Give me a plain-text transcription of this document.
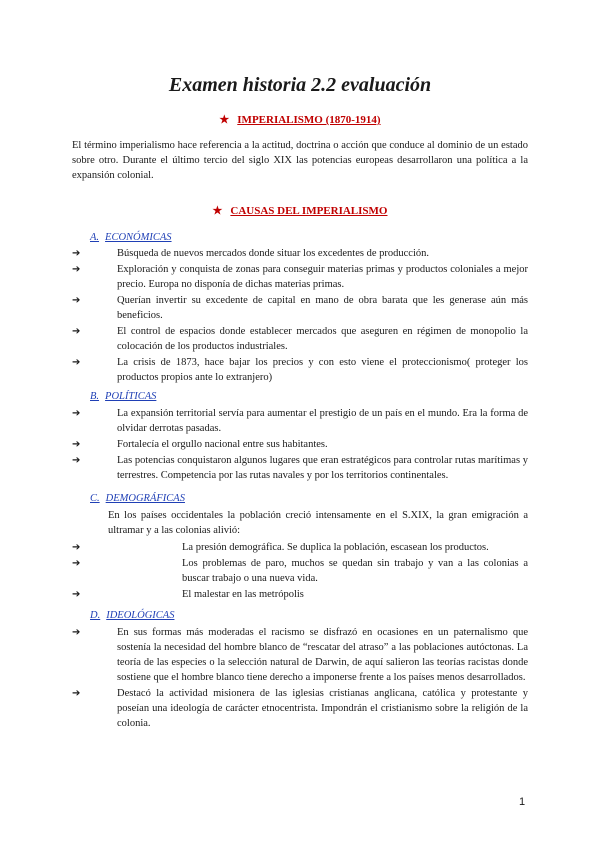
Examen historia 2.2 evaluación
★ IMPERIALISMO (1870-1914)

El término imperialismo hace referencia a la actitud, doctrina o acción que conduce al dominio de un estado sobre otro. Durante el último tercio del siglo XIX las potencias europeas desarrollaron una política a la expansión colonial.

★ CAUSAS DEL IMPERIALISMO
A. ECONÓMICAS
➔	Búsqueda de nuevos mercados donde situar los excedentes de producción.
➔	Exploración y conquista de zonas para conseguir materias primas y productos coloniales a mejor precio. Europa no disponía de dichas materias primas.
➔	Querían invertir su excedente de capital en mano de obra barata que les generase aún más beneficios.
➔	El control de espacios donde establecer mercados que aseguren en régimen de monopolio la colocación de los productos industriales.
➔	La crisis de 1873, hace bajar los precios y con esto viene el proteccionismo( proteger los productos propios ante lo extranjero)
B. POLÍTICAS
➔	La expansión territorial servía para aumentar el prestigio de un país en el mundo. Era la forma de olvidar derrotas pasadas.
➔	Fortalecía el orgullo nacional entre sus habitantes.
➔	Las potencias conquistaron algunos lugares que eran estratégicos para controlar rutas marítimas y terrestres. Competencia por las rutas navales y por los territorios continentales.
C. DEMOGRÁFICAS

En los países occidentales la población creció intensamente en el S.XIX, la gran emigración a ultramar y a las colonias alivió:

➔	La presión demográfica. Se duplica la población, escasean los productos.
➔	Los problemas de paro, muchos se quedan sin trabajo y van a las colonias a buscar trabajo o una nueva vida.
➔	El malestar en las metrópolis
D. IDEOLÓGICAS
➔	En sus formas más moderadas el racismo se disfrazó en ocasiones en un paternalismo que sostenía la necesidad del hombre blanco de “rescatar del atraso” a las poblaciones autóctonas. La teoría de las especies o la selección natural de Darwin, de aquí salieron las teorías racistas donde sostiene que el hombre blanco tiene derecho a imponerse frente a los países menos desarrollados.
➔	Destacó la actividad misionera de las iglesias cristianas anglicana, católica y protestante y poseían una ideología de carácter etnocentrista. Impondrán el cristianismo sobre la religión de la colonia.
1
